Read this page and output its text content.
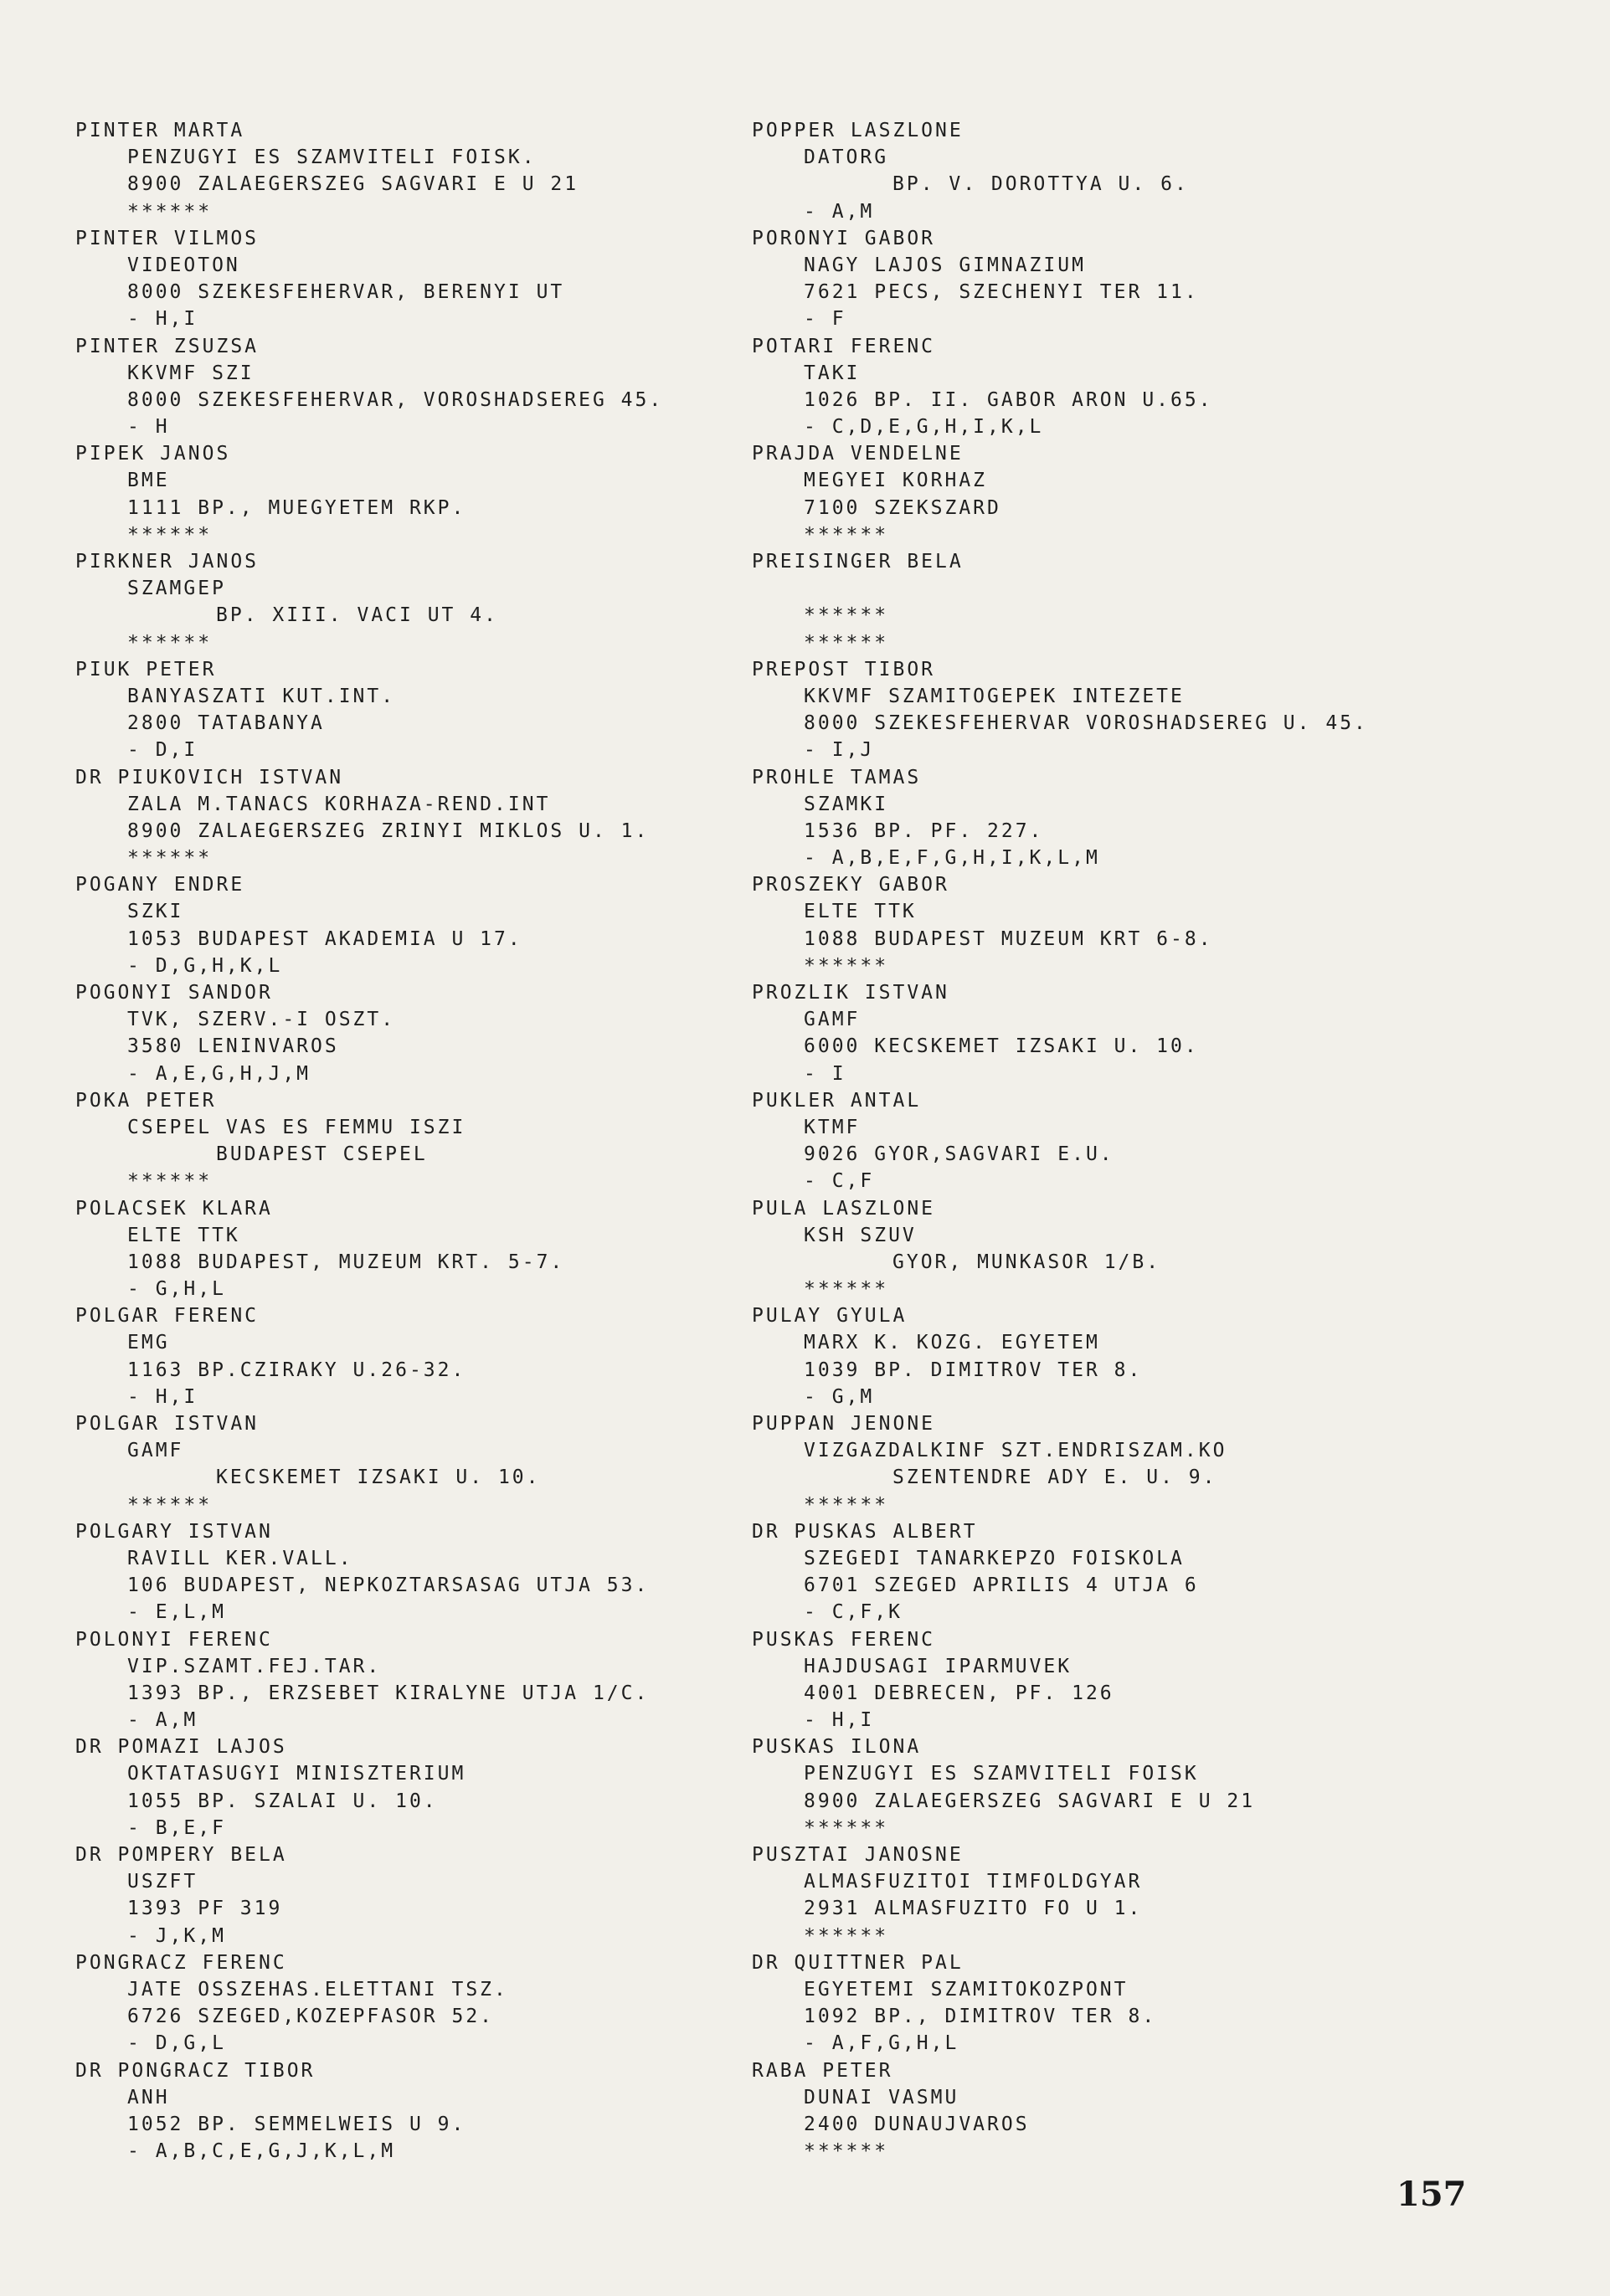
PINTER MARTA
PENZUGYI ES SZAMVITELI FOISK.
8900 ZALAEGERSZEG SAGVARI E U 21
******
PINTER VILMOS
VIDEOTON
8000 SZEKESFEHERVAR, BERENYI UT
- H,I
PINTER ZSUZSA
KKVMF SZI
8000 SZEKESFEHERVAR, VOROSHADSEREG 45.
- H
PIPEK JANOS
BME
1111 BP., MUEGYETEM RKP.
******
PIRKNER JANOS
SZAMGEP
BP. XIII. VACI UT 4.
******
PIUK PETER
BANYASZATI KUT.INT.
2800 TATABANYA
- D,I
DR PIUKOVICH ISTVAN
ZALA M.TANACS KORHAZA-REND.INT
8900 ZALAEGERSZEG ZRINYI MIKLOS U. 1.
******
POGANY ENDRE
SZKI
1053 BUDAPEST AKADEMIA U 17.
- D,G,H,K,L
POGONYI SANDOR
TVK, SZERV.-I OSZT.
3580 LENINVAROS
- A,E,G,H,J,M
POKA PETER
CSEPEL VAS ES FEMMU ISZI
BUDAPEST CSEPEL
******
POLACSEK KLARA
ELTE TTK
1088 BUDAPEST, MUZEUM KRT. 5-7.
- G,H,L
POLGAR FERENC
EMG
1163 BP.CZIRAKY U.26-32.
- H,I
POLGAR ISTVAN
GAMF
KECSKEMET IZSAKI U. 10.
******
POLGARY ISTVAN
RAVILL KER.VALL.
106 BUDAPEST, NEPKOZTARSASAG UTJA 53.
- E,L,M
POLONYI FERENC
VIP.SZAMT.FEJ.TAR.
1393 BP., ERZSEBET KIRALYNE UTJA 1/C.
- A,M
DR POMAZI LAJOS
OKTATASUGYI MINISZTERIUM
1055 BP. SZALAI U. 10.
- B,E,F
DR POMPERY BELA
USZFT
1393 PF 319
- J,K,M
PONGRACZ FERENC
JATE OSSZEHAS.ELETTANI TSZ.
6726 SZEGED,KOZEPFASOR 52.
- D,G,L
DR PONGRACZ TIBOR
ANH
1052 BP. SEMMELWEIS U 9.
- A,B,C,E,G,J,K,L,M
POPPER LASZLONE
DATORG
BP. V. DOROTTYA U. 6.
- A,M
PORONYI GABOR
NAGY LAJOS GIMNAZIUM
7621 PECS, SZECHENYI TER 11.
- F
POTARI FERENC
TAKI
1026 BP. II. GABOR ARON U.65.
- C,D,E,G,H,I,K,L
PRAJDA VENDELNE
MEGYEI KORHAZ
7100 SZEKSZARD
******
PREISINGER BELA
******
******
PREPOST TIBOR
KKVMF SZAMITOGEPEK INTEZETE
8000 SZEKESFEHERVAR VOROSHADSEREG U. 45.
- I,J
PROHLE TAMAS
SZAMKI
1536 BP. PF. 227.
- A,B,E,F,G,H,I,K,L,M
PROSZEKY GABOR
ELTE TTK
1088 BUDAPEST MUZEUM KRT 6-8.
******
PROZLIK ISTVAN
GAMF
6000 KECSKEMET IZSAKI U. 10.
- I
PUKLER ANTAL
KTMF
9026 GYOR,SAGVARI E.U.
- C,F
PULA LASZLONE
KSH SZUV
GYOR, MUNKASOR 1/B.
******
PULAY GYULA
MARX K. KOZG. EGYETEM
1039 BP. DIMITROV TER 8.
- G,M
PUPPAN JENONE
VIZGAZDALKINF SZT.ENDRISZAM.KO
SZENTENDRE ADY E. U. 9.
******
DR PUSKAS ALBERT
SZEGEDI TANARKEPZO FOISKOLA
6701 SZEGED APRILIS 4 UTJA 6
- C,F,K
PUSKAS FERENC
HAJDUSAGI IPARMUVEK
4001 DEBRECEN, PF. 126
- H,I
PUSKAS ILONA
PENZUGYI ES SZAMVITELI FOISK
8900 ZALAEGERSZEG SAGVARI E U 21
******
PUSZTAI JANOSNE
ALMASFUZITOI TIMFOLDGYAR
2931 ALMASFUZITO FO U 1.
******
DR QUITTNER PAL
EGYETEMI SZAMITOKOZPONT
1092 BP., DIMITROV TER 8.
- A,F,G,H,L
RABA PETER
DUNAI VASMU
2400 DUNAUJVAROS
******
157
